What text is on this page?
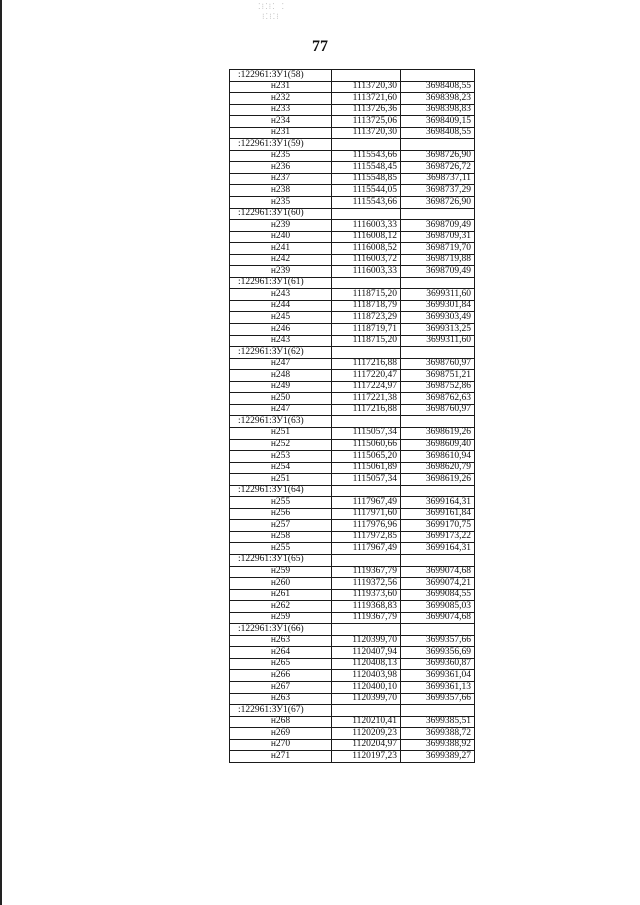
⁚⁝⁚⁝⁚ ⁚
⁝⁚⁝⁚⁝
77
:122961:ЗУ1(58)		
н231	1113720,30	3698408,55
н232	1113721,60	3698398,23
н233	1113726,36	3698398,83
н234	1113725,06	3698409,15
н231	1113720,30	3698408,55
:122961:ЗУ1(59)		
н235	1115543,66	3698726,90
н236	1115548,45	3698726,72
н237	1115548,85	3698737,11
н238	1115544,05	3698737,29
н235	1115543,66	3698726,90
:122961:ЗУ1(60)		
н239	1116003,33	3698709,49
н240	1116008,12	3698709,31
н241	1116008,52	3698719,70
н242	1116003,72	3698719,88
н239	1116003,33	3698709,49
:122961:ЗУ1(61)		
н243	1118715,20	3699311,60
н244	1118718,79	3699301,84
н245	1118723,29	3699303,49
н246	1118719,71	3699313,25
н243	1118715,20	3699311,60
:122961:ЗУ1(62)		
н247	1117216,88	3698760,97
н248	1117220,47	3698751,21
н249	1117224,97	3698752,86
н250	1117221,38	3698762,63
н247	1117216,88	3698760,97
:122961:ЗУ1(63)		
н251	1115057,34	3698619,26
н252	1115060,66	3698609,40
н253	1115065,20	3698610,94
н254	1115061,89	3698620,79
н251	1115057,34	3698619,26
:122961:ЗУ1(64)		
н255	1117967,49	3699164,31
н256	1117971,60	3699161,84
н257	1117976,96	3699170,75
н258	1117972,85	3699173,22
н255	1117967,49	3699164,31
:122961:ЗУ1(65)		
н259	1119367,79	3699074,68
н260	1119372,56	3699074,21
н261	1119373,60	3699084,55
н262	1119368,83	3699085,03
н259	1119367,79	3699074,68
:122961:ЗУ1(66)		
н263	1120399,70	3699357,66
н264	1120407,94	3699356,69
н265	1120408,13	3699360,87
н266	1120403,98	3699361,04
н267	1120400,10	3699361,13
н263	1120399,70	3699357,66
:122961:ЗУ1(67)		
н268	1120210,41	3699385,51
н269	1120209,23	3699388,72
н270	1120204,97	3699388,92
н271	1120197,23	3699389,27
